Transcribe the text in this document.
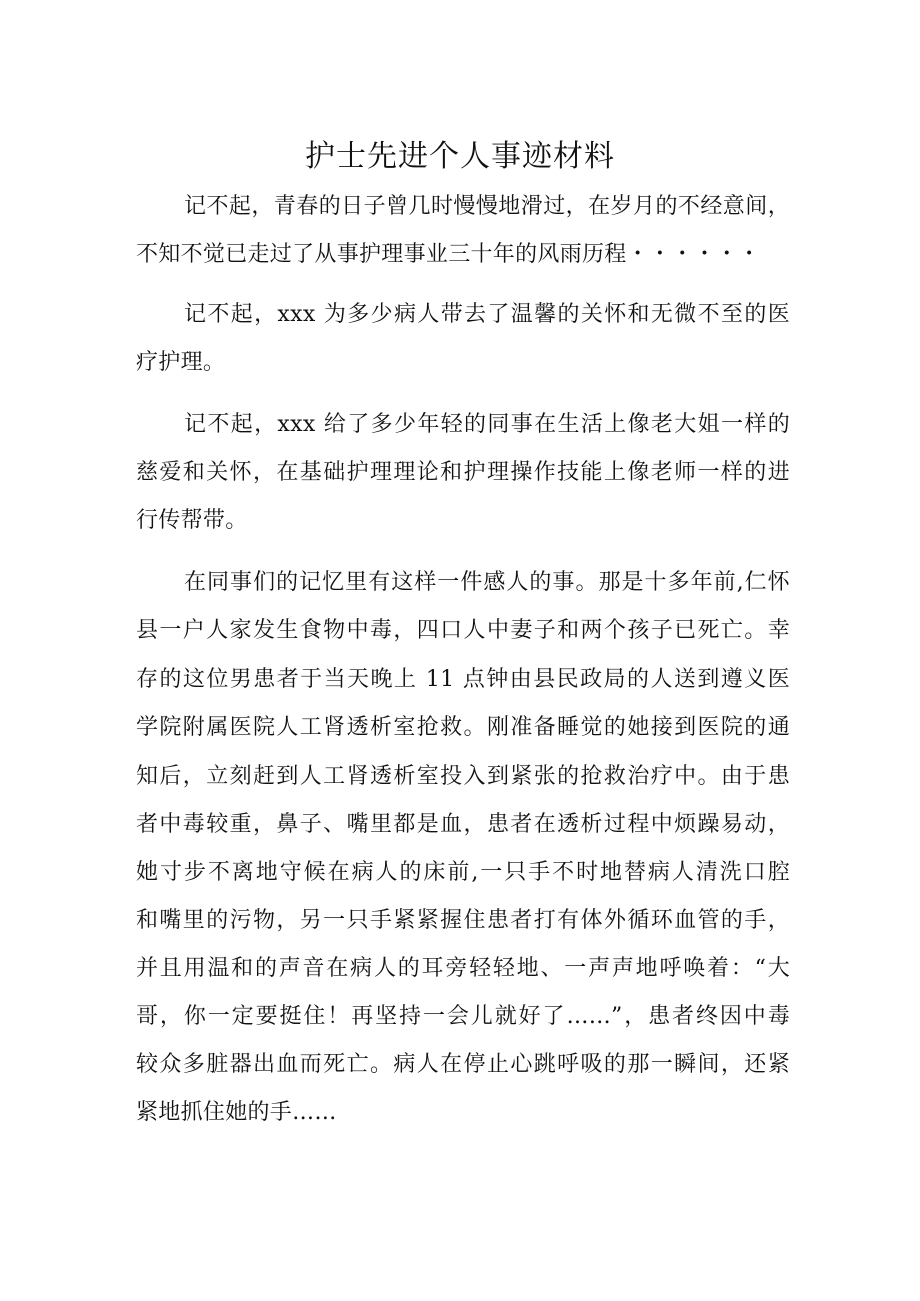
护士先进个人事迹材料
记不起，青春的日子曾几时慢慢地滑过，在岁月的不经意间，
不知不觉已走过了从事护理事业三十年的风雨历程・・・・・・
记不起，xxx 为多少病人带去了温馨的关怀和无微不至的医
疗护理。
记不起，xxx 给了多少年轻的同事在生活上像老大姐一样的
慈爱和关怀，在基础护理理论和护理操作技能上像老师一样的进
行传帮带。
在同事们的记忆里有这样一件感人的事。那是十多年前,仁怀
县一户人家发生食物中毒，四口人中妻子和两个孩子已死亡。幸
存的这位男患者于当天晚上 11 点钟由县民政局的人送到遵义医
学院附属医院人工肾透析室抢救。刚准备睡觉的她接到医院的通
知后，立刻赶到人工肾透析室投入到紧张的抢救治疗中。由于患
者中毒较重，鼻子、嘴里都是血，患者在透析过程中烦躁易动，
她寸步不离地守候在病人的床前,一只手不时地替病人清洗口腔
和嘴里的污物，另一只手紧紧握住患者打有体外循环血管的手，
并且用温和的声音在病人的耳旁轻轻地、一声声地呼唤着：“大
哥，你一定要挺住！再坚持一会儿就好了……”，患者终因中毒
较众多脏器出血而死亡。病人在停止心跳呼吸的那一瞬间，还紧
紧地抓住她的手……
